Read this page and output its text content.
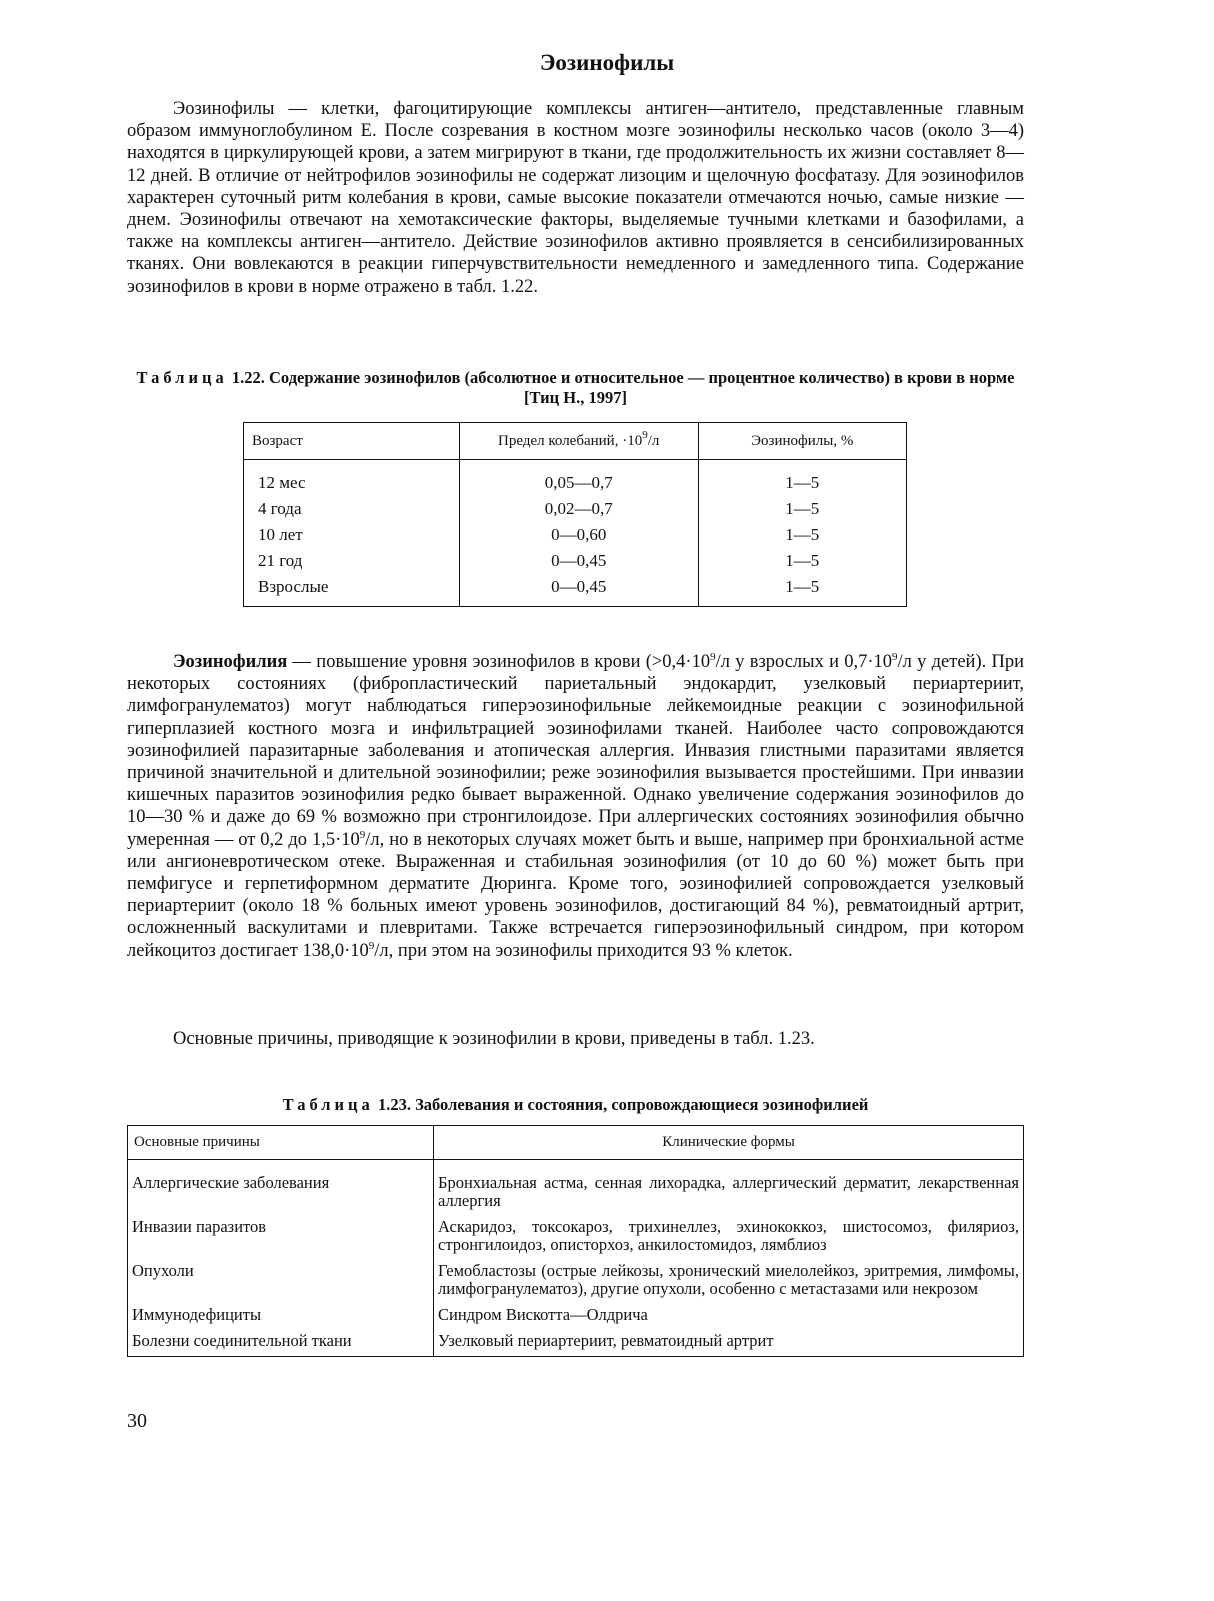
Эозинофилы

Эозинофилы — клетки, фагоцитирующие комплексы антиген—антитело, представленные главным образом иммуноглобулином Е. После созревания в костном мозге эозинофилы несколько часов (около 3—4) находятся в циркулирующей крови, а затем мигрируют в ткани, где продолжительность их жизни составляет 8—12 дней. В отличие от нейтрофилов эозинофилы не содержат лизоцим и щелочную фосфатазу. Для эозинофилов характерен суточный ритм колебания в крови, самые высокие показатели отмечаются ночью, самые низкие — днем. Эозинофилы отвечают на хемотаксические факторы, выделяемые тучными клетками и базофилами, а также на комплексы антиген—антитело. Действие эозинофилов активно проявляется в сенсибилизированных тканях. Они вовлекаются в реакции гиперчувствительности немедленного и замедленного типа. Содержание эозинофилов в крови в норме отражено в табл. 1.22.

Таблица 1.22. Содержание эозинофилов (абсолютное и относительное — процентное количество) в крови в норме [Тиц Н., 1997]
Возраст	Предел колебаний, $\cdot 10^9/л$	Эозинофилы, %

12 мес	0,05—0,7	1—5
4 года	0,02—0,7	1—5
10 лет	0—0,60	1—5
21 год	0—0,45	1—5
Взрослые	0—0,45	1—5

Эозинофилия — повышение уровня эозинофилов в крови ($>0,4\cdot 10^9/л$ у взрослых и $0,7\cdot 10^9/л$ у детей). При некоторых состояниях (фибропластический париетальный эндокардит, узелковый периартериит, лимфогранулематоз) могут наблюдаться гиперэозинофильные лейкемоидные реакции с эозинофильной гиперплазией костного мозга и инфильтрацией эозинофилами тканей. Наиболее часто сопровождаются эозинофилией паразитарные заболевания и атопическая аллергия. Инвазия глистными паразитами является причиной значительной и длительной эозинофилии; реже эозинофилия вызывается простейшими. При инвазии кишечных паразитов эозинофилия редко бывает выраженной. Однако увеличение содержания эозинофилов до 10—30 % и даже до 69 % возможно при стронгилоидозе. При аллергических состояниях эозинофилия обычно умеренная — от 0,2 до $1,5\cdot 10^9/л$, но в некоторых случаях может быть и выше, например при бронхиальной астме или ангионевротическом отеке. Выраженная и стабильная эозинофилия (от 10 до 60 %) может быть при пемфигусе и герпетиформном дерматите Дюринга. Кроме того, эозинофилией сопровождается узелковый периартериит (около 18 % больных имеют уровень эозинофилов, достигающий 84 %), ревматоидный артрит, осложненный васкулитами и плевритами. Также встречается гиперэозинофильный синдром, при котором лейкоцитоз достигает $138,0\cdot 10^9/л$, при этом на эозинофилы приходится 93 % клеток.

Основные причины, приводящие к эозинофилии в крови, приведены в табл. 1.23.

Таблица 1.23. Заболевания и состояния, сопровождающиеся эозинофилией
Основные причины	Клинические формы

Аллергические заболевания	Бронхиальная астма, сенная лихорадка, аллергический дерматит, лекарственная аллергия
Инвазии паразитов	Аскаридоз, токсокароз, трихинеллез, эхинококкоз, шистосомоз, филяриоз, стронгилоидоз, описторхоз, анкилостомидоз, лямблиоз
Опухоли	Гемобластозы (острые лейкозы, хронический миелолейкоз, эритремия, лимфомы, лимфогранулематоз), другие опухоли, особенно с метастазами или некрозом
Иммунодефициты	Синдром Вискотта—Олдрича
Болезни соединительной ткани	Узелковый периартериит, ревматоидный артрит
30
